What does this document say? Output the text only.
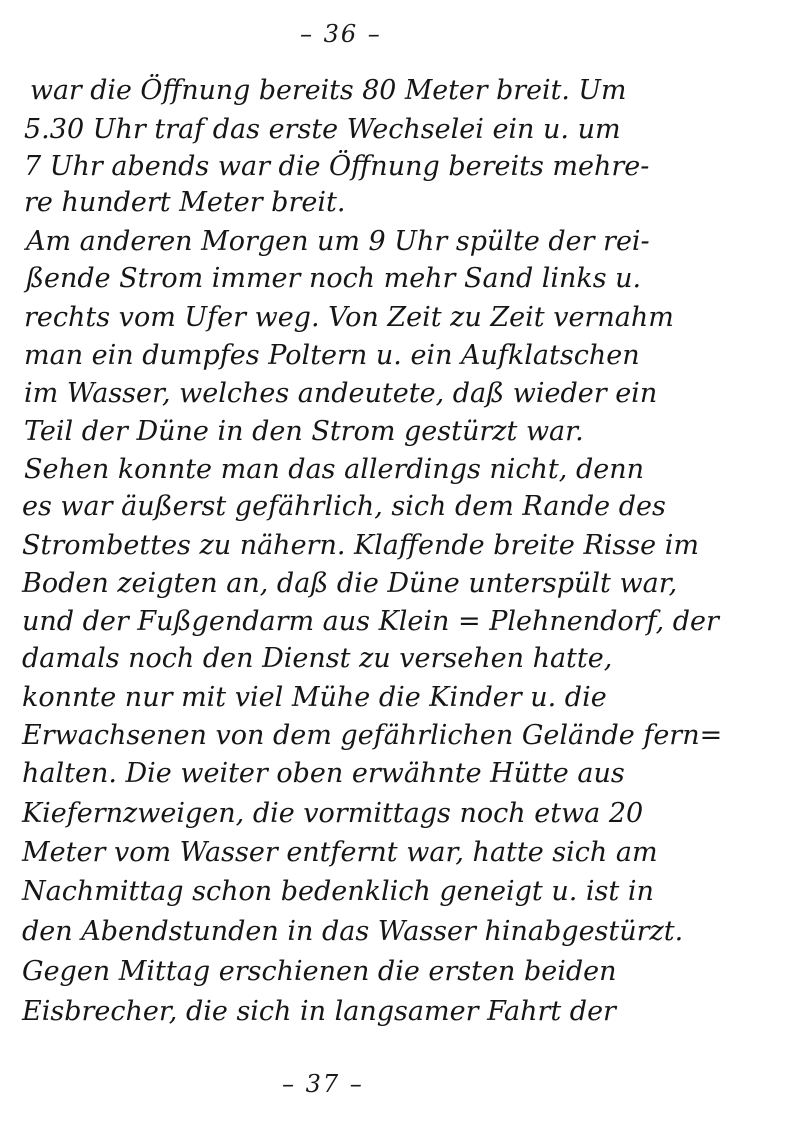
– 36 –
war die Öffnung bereits 80 Meter breit. Um
5.30 Uhr traf das erste Wechselei ein u. um
7 Uhr abends war die Öffnung bereits mehre-
re hundert Meter breit.
Am anderen Morgen um 9 Uhr spülte der rei-
ßende Strom immer noch mehr Sand links u.
rechts vom Ufer weg. Von Zeit zu Zeit vernahm
man ein dumpfes Poltern u. ein Aufklatschen
im Wasser, welches andeutete, daß wieder ein
Teil der Düne in den Strom gestürzt war.
Sehen konnte man das allerdings nicht, denn
es war äußerst gefährlich, sich dem Rande des
Strombettes zu nähern. Klaffende breite Risse im
Boden zeigten an, daß die Düne unterspült war,
und der Fußgendarm aus Klein = Plehnendorf, der
damals noch den Dienst zu versehen hatte,
konnte nur mit viel Mühe die Kinder u. die
Erwachsenen von dem gefährlichen Gelände fern=
halten. Die weiter oben erwähnte Hütte aus
Kiefernzweigen, die vormittags noch etwa 20
Meter vom Wasser entfernt war, hatte sich am
Nachmittag schon bedenklich geneigt u. ist in
den Abendstunden in das Wasser hinabgestürzt.
Gegen Mittag erschienen die ersten beiden
Eisbrecher, die sich in langsamer Fahrt der
– 37 –
